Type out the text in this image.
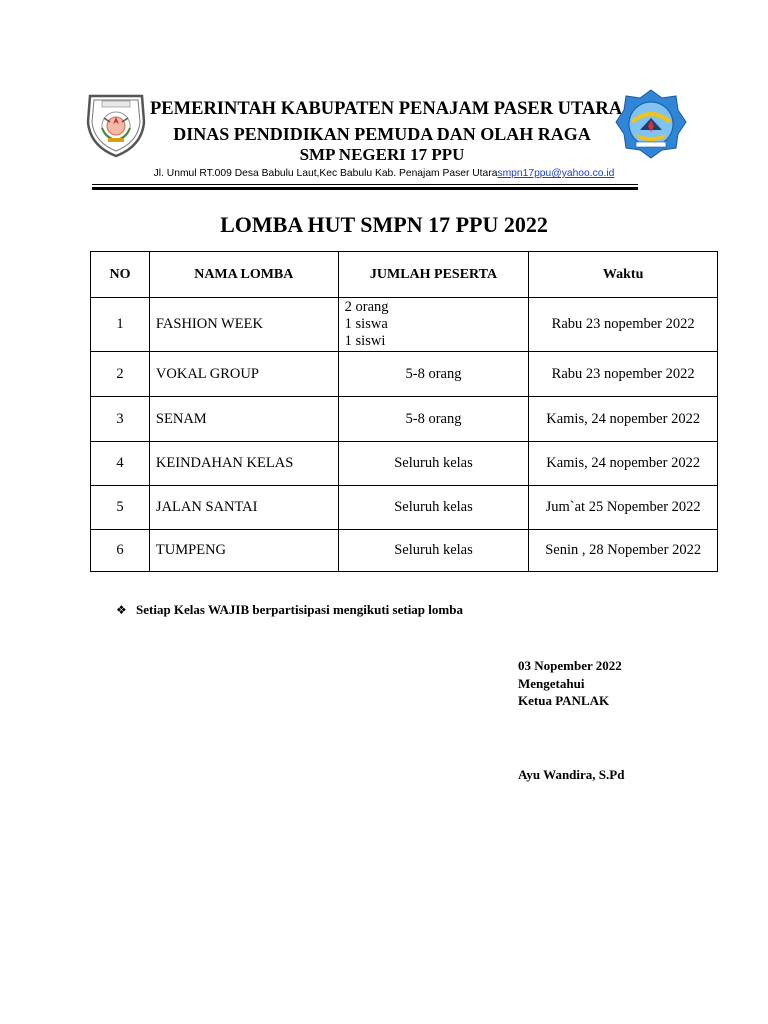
PEMERINTAH KABUPATEN PENAJAM PASER UTARA
DINAS PENDIDIKAN PEMUDA DAN OLAH RAGA
SMP NEGERI 17 PPU
Jl. Unmul RT.009 Desa Babulu Laut,Kec Babulu Kab. Penajam Paser Utarasmpn17ppu@yahoo.co.id
LOMBA HUT SMPN 17 PPU 2022
NO	NAMA LOMBA	JUMLAH PESERTA	Waktu
1	FASHION WEEK	2 orang
1 siswa
1 siswi	Rabu 23 nopember 2022
2	VOKAL GROUP	5-8 orang	Rabu 23 nopember 2022
3	SENAM	5-8 orang	Kamis, 24 nopember 2022
4	KEINDAHAN KELAS	Seluruh kelas	Kamis, 24 nopember 2022
5	JALAN SANTAI	Seluruh kelas	Jum`at 25 Nopember 2022
6	TUMPENG	Seluruh kelas	Senin , 28 Nopember 2022
❖ Setiap Kelas WAJIB berpartisipasi mengikuti setiap lomba
03 Nopember 2022
Mengetahui
Ketua PANLAK
Ayu Wandira, S.Pd
